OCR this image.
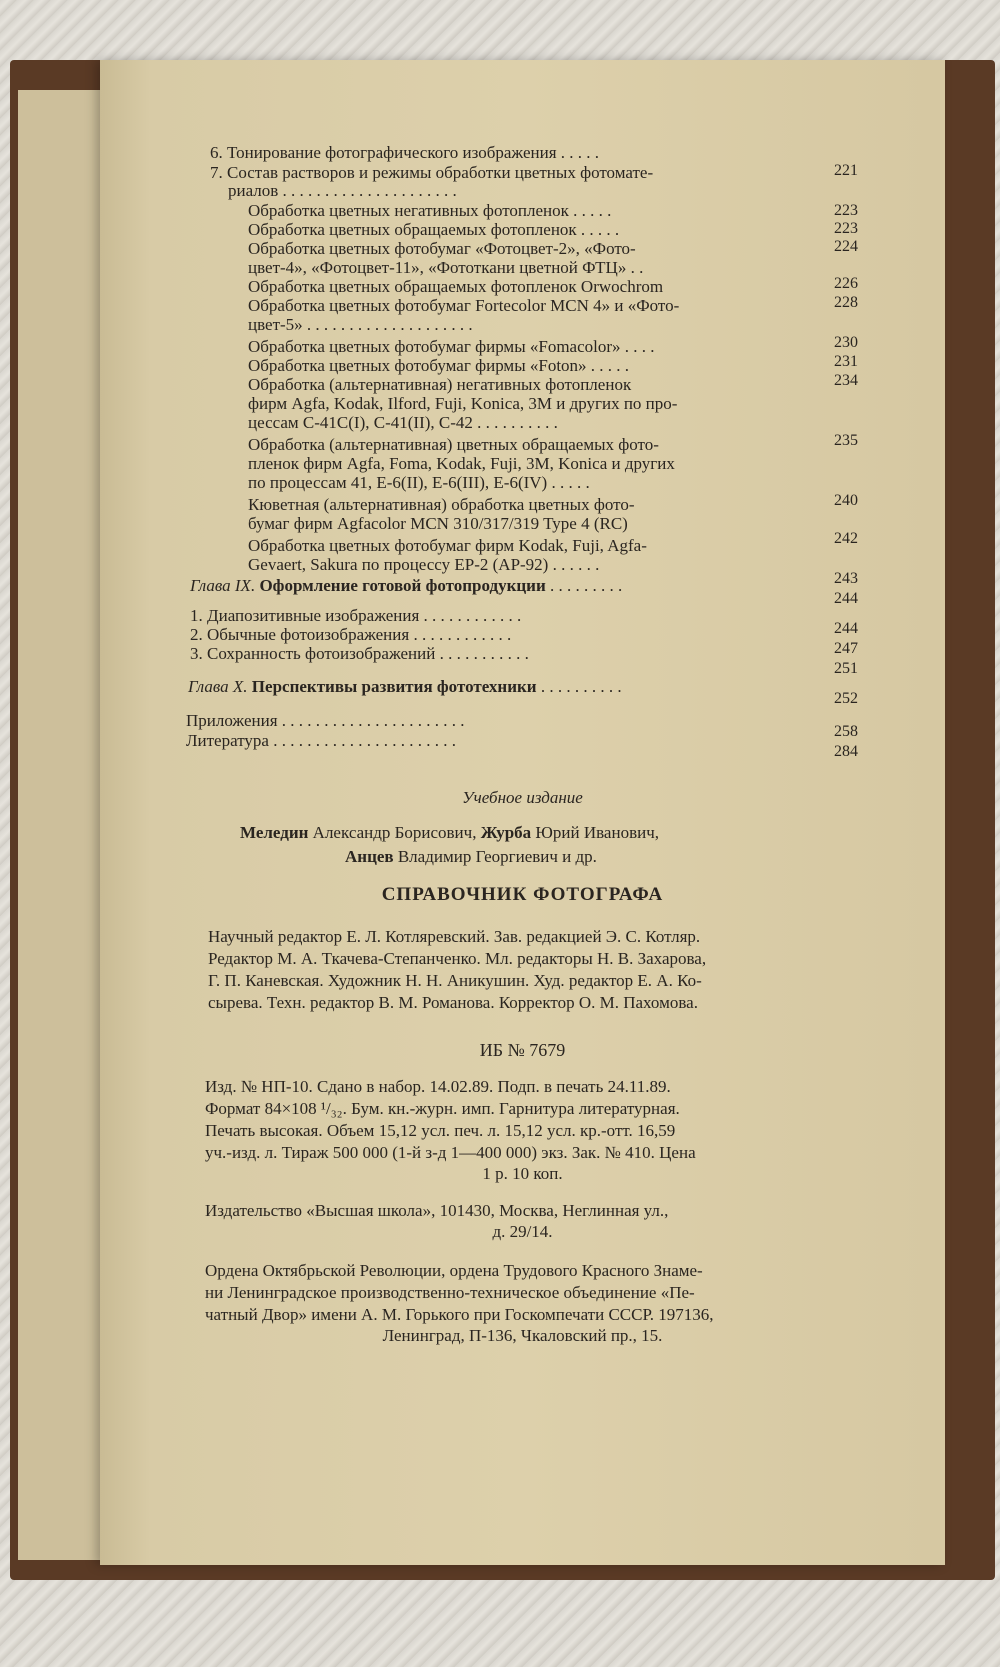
6. Тонирование фотографического изображения . . . . .
7. Состав растворов и режимы обработки цветных фотомате-
риалов . . . . . . . . . . . . . . . . . . . . .
Обработка цветных негативных фотопленок . . . . .
Обработка цветных обращаемых фотопленок . . . . .
Обработка цветных фотобумаг «Фотоцвет-2», «Фото-
цвет-4», «Фотоцвет-11», «Фототкани цветной ФТЦ» . .
Обработка цветных обращаемых фотопленок Orwochrom
Обработка цветных фотобумаг Fortecolor MCN 4» и «Фото-
цвет-5» . . . . . . . . . . . . . . . . . . . .
Обработка цветных фотобумаг фирмы «Fomacolor» . . . .
Обработка цветных фотобумаг фирмы «Foton» . . . . .
Обработка (альтернативная) негативных фотопленок
фирм Agfa, Kodak, Ilford, Fuji, Konica, 3M и других по про-
цессам C-41C(I), C-41(II), C-42 . . . . . . . . . .
Обработка (альтернативная) цветных обращаемых фото-
пленок фирм Agfa, Foma, Kodak, Fuji, 3M, Konica и других
по процессам 41, E-6(II), E-6(III), E-6(IV) . . . . .
Кюветная (альтернативная) обработка цветных фото-
бумаг фирм Agfacolor MCN 310/317/319 Type 4 (RC)
Обработка цветных фотобумаг фирм Kodak, Fuji, Agfa-
Gevaert, Sakura по процессу EP-2 (AP-92) . . . . . .
Глава IX. Оформление готовой фотопродукции . . . . . . . . .
1. Диапозитивные изображения . . . . . . . . . . . .
2. Обычные фотоизображения . . . . . . . . . . . .
3. Сохранность фотоизображений . . . . . . . . . . .
Глава X. Перспективы развития фототехники . . . . . . . . . .
Приложения . . . . . . . . . . . . . . . . . . . . . .
Литература . . . . . . . . . . . . . . . . . . . . . .
221
223
223
224
226
228
230
231
234
235
240
242
243
244
244
247
251
252
258
284
Учебное издание
Меледин Александр Борисович, Журба Юрий Иванович,
Анцев Владимир Георгиевич и др.
СПРАВОЧНИК ФОТОГРАФА
Научный редактор Е. Л. Котляревский. Зав. редакцией Э. С. Котляр.
Редактор М. А. Ткачева-Степанченко. Мл. редакторы Н. В. Захарова,
Г. П. Каневская. Художник Н. Н. Аникушин. Худ. редактор Е. А. Ко-
сырева. Техн. редактор В. М. Романова. Корректор О. М. Пахомова.
ИБ № 7679
Изд. № НП-10. Сдано в набор. 14.02.89. Подп. в печать 24.11.89.
Формат 84×108 ¹/₃₂. Бум. кн.-журн. имп. Гарнитура литературная.
Печать высокая. Объем 15,12 усл. печ. л. 15,12 усл. кр.-отт. 16,59
уч.-изд. л. Тираж 500 000 (1-й з-д 1—400 000) экз. Зак. № 410. Цена
1 р. 10 коп.
Издательство «Высшая школа», 101430, Москва, Неглинная ул.,
д. 29/14.
Ордена Октябрьской Революции, ордена Трудового Красного Знаме-
ни Ленинградское производственно-техническое объединение «Пе-
чатный Двор» имени А. М. Горького при Госкомпечати СССР. 197136,
Ленинград, П-136, Чкаловский пр., 15.
